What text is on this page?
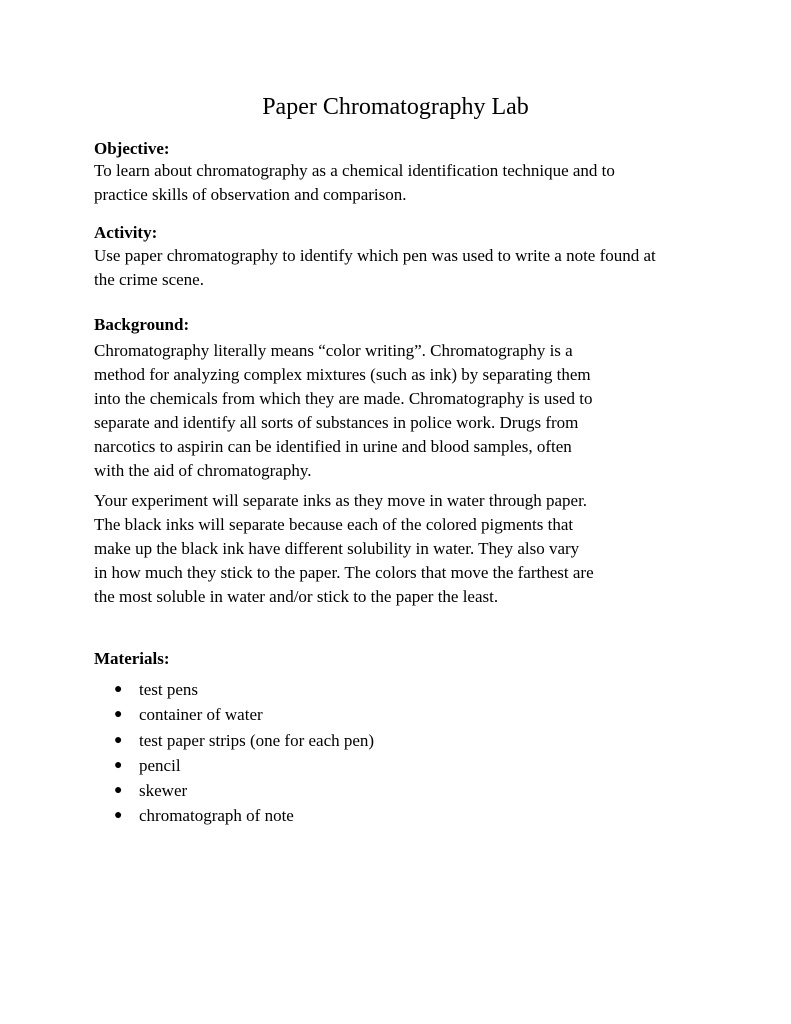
Paper Chromatography Lab
Objective:
To learn about chromatography as a chemical identification technique and to
practice skills of observation and comparison.
Activity:
Use paper chromatography to identify which pen was used to write a note found at
the crime scene.
Background:
Chromatography literally means “color writing”. Chromatography is a
method for analyzing complex mixtures (such as ink) by separating them
into the chemicals from which they are made. Chromatography is used to
separate and identify all sorts of substances in police work. Drugs from
narcotics to aspirin can be identified in urine and blood samples, often
with the aid of chromatography.
Your experiment will separate inks as they move in water through paper.
The black inks will separate because each of the colored pigments that
make up the black ink have different solubility in water. They also vary
in how much they stick to the paper. The colors that move the farthest are
the most soluble in water and/or stick to the paper the least.
Materials:
● test pens
● container of water
● test paper strips (one for each pen)
● pencil
● skewer
● chromatograph of note
